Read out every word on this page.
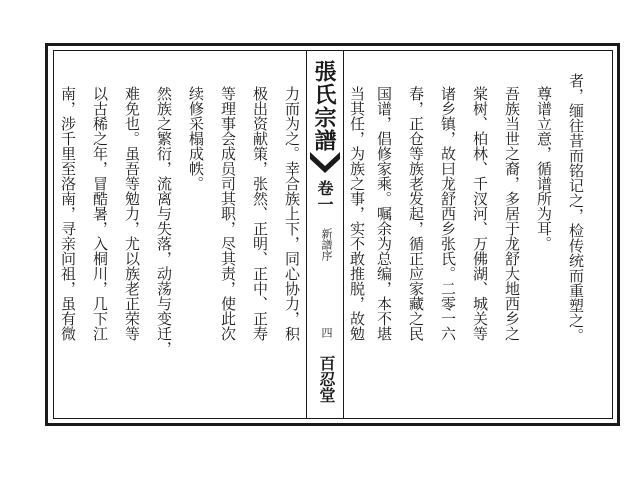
張氏宗譜
卷一
新譜序
四
百忍堂
者，缅往昔而铭记之，检传统而重塑之。
尊谱立意，循谱所为耳。
吾族当世之裔，多居于龙舒大地西乡之
棠树、柏林、千汊河、万佛湖、城关等
诸乡镇，故曰龙舒西乡张氏。二零一六
春，正仓等族老发起，循正应家藏之民
国谱，倡修家乘。嘱余为总编，本不堪
当其任，为族之事，实不敢推脱，故勉
力而为之。幸合族上下，同心协力，积
极出资献策，张然、正明、正中、正寿
等理事会成员司其职，尽其责，使此次
续修采榻成帙。
然族之繁衍，流离与失落，动荡与变迁，
难免也。虽吾等勉力，尤以族老正荣等
以古稀之年，冒酷暑，入桐川，几下江
南，涉千里至洛南，寻亲问祖，虽有微
